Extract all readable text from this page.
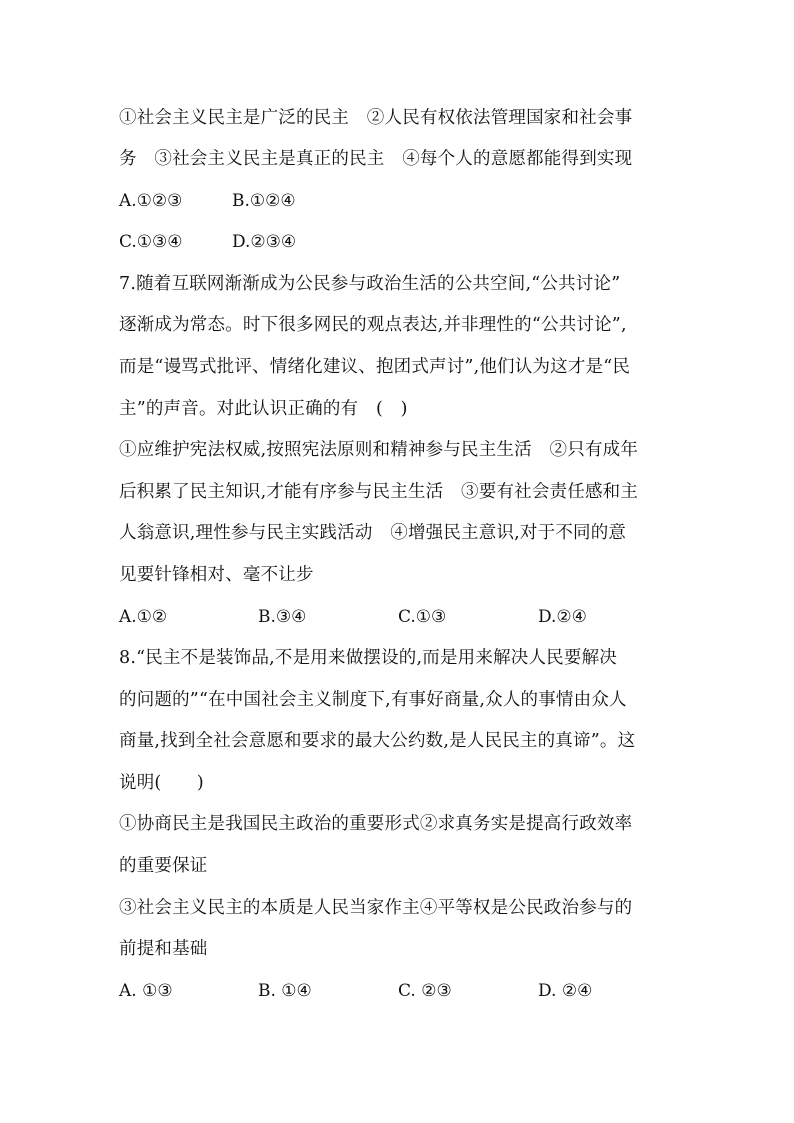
①社会主义民主是广泛的民主　②人民有权依法管理国家和社会事
务　③社会主义民主是真正的民主　④每个人的意愿都能得到实现
A.①②③	B.①②④
C.①③④	D.②③④
7.随着互联网渐渐成为公民参与政治生活的公共空间,“公共讨论”
逐渐成为常态。时下很多网民的观点表达,并非理性的“公共讨论”,
而是“谩骂式批评、情绪化建议、抱团式声讨”,他们认为这才是“民
主”的声音。对此认识正确的有　(　)
①应维护宪法权威,按照宪法原则和精神参与民主生活　②只有成年
后积累了民主知识,才能有序参与民主生活　③要有社会责任感和主
人翁意识,理性参与民主实践活动　④增强民主意识,对于不同的意
见要针锋相对、毫不让步
A.①②	B.③④	C.①③	D.②④
8.“民主不是装饰品,不是用来做摆设的,而是用来解决人民要解决
的问题的”“在中国社会主义制度下,有事好商量,众人的事情由众人
商量,找到全社会意愿和要求的最大公约数,是人民民主的真谛”。这
说明(　　)
①协商民主是我国民主政治的重要形式②求真务实是提高行政效率
的重要保证
③社会主义民主的本质是人民当家作主④平等权是公民政治参与的
前提和基础
A. ①③	B. ①④	C. ②③	D. ②④
